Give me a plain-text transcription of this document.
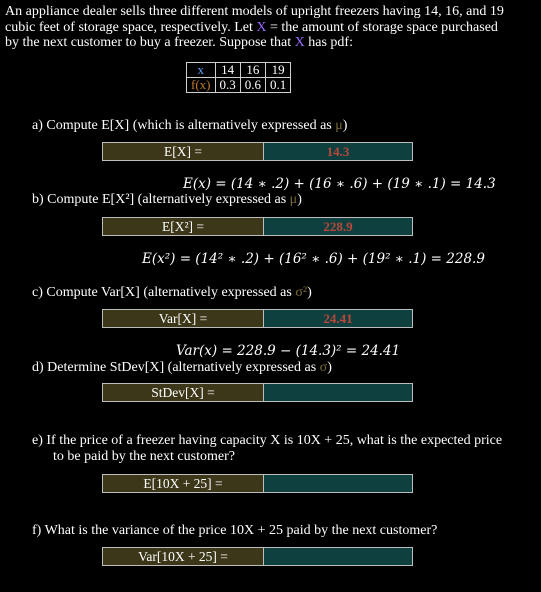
An appliance dealer sells three different models of upright freezers having 14, 16, and 19
cubic feet of storage space, respectively. Let X = the amount of storage space purchased
by the next customer to buy a freezer. Suppose that X has pdf:
x	14	16	19
f(x)	0.3	0.6	0.1
a) Compute E[X] (which is alternatively expressed as μ)
E[X] =	14.3
E(x) = (14 ∗ .2) + (16 ∗ .6) + (19 ∗ .1) = 14.3
b) Compute E[X²] (alternatively expressed as μ)
E[X²] =	228.9
E(x²) = (14² ∗ .2) + (16² ∗ .6) + (19² ∗ .1) = 228.9
c) Compute Var[X] (alternatively expressed as σ²)
Var[X] =	24.41
Var(x) = 228.9 − (14.3)² = 24.41
d) Determine StDev[X] (alternatively expressed as σ)
StDev[X] =
e) If the price of a freezer having capacity X is 10X + 25, what is the expected price
to be paid by the next customer?
E[10X + 25] =
f) What is the variance of the price 10X + 25 paid by the next customer?
Var[10X + 25] =
